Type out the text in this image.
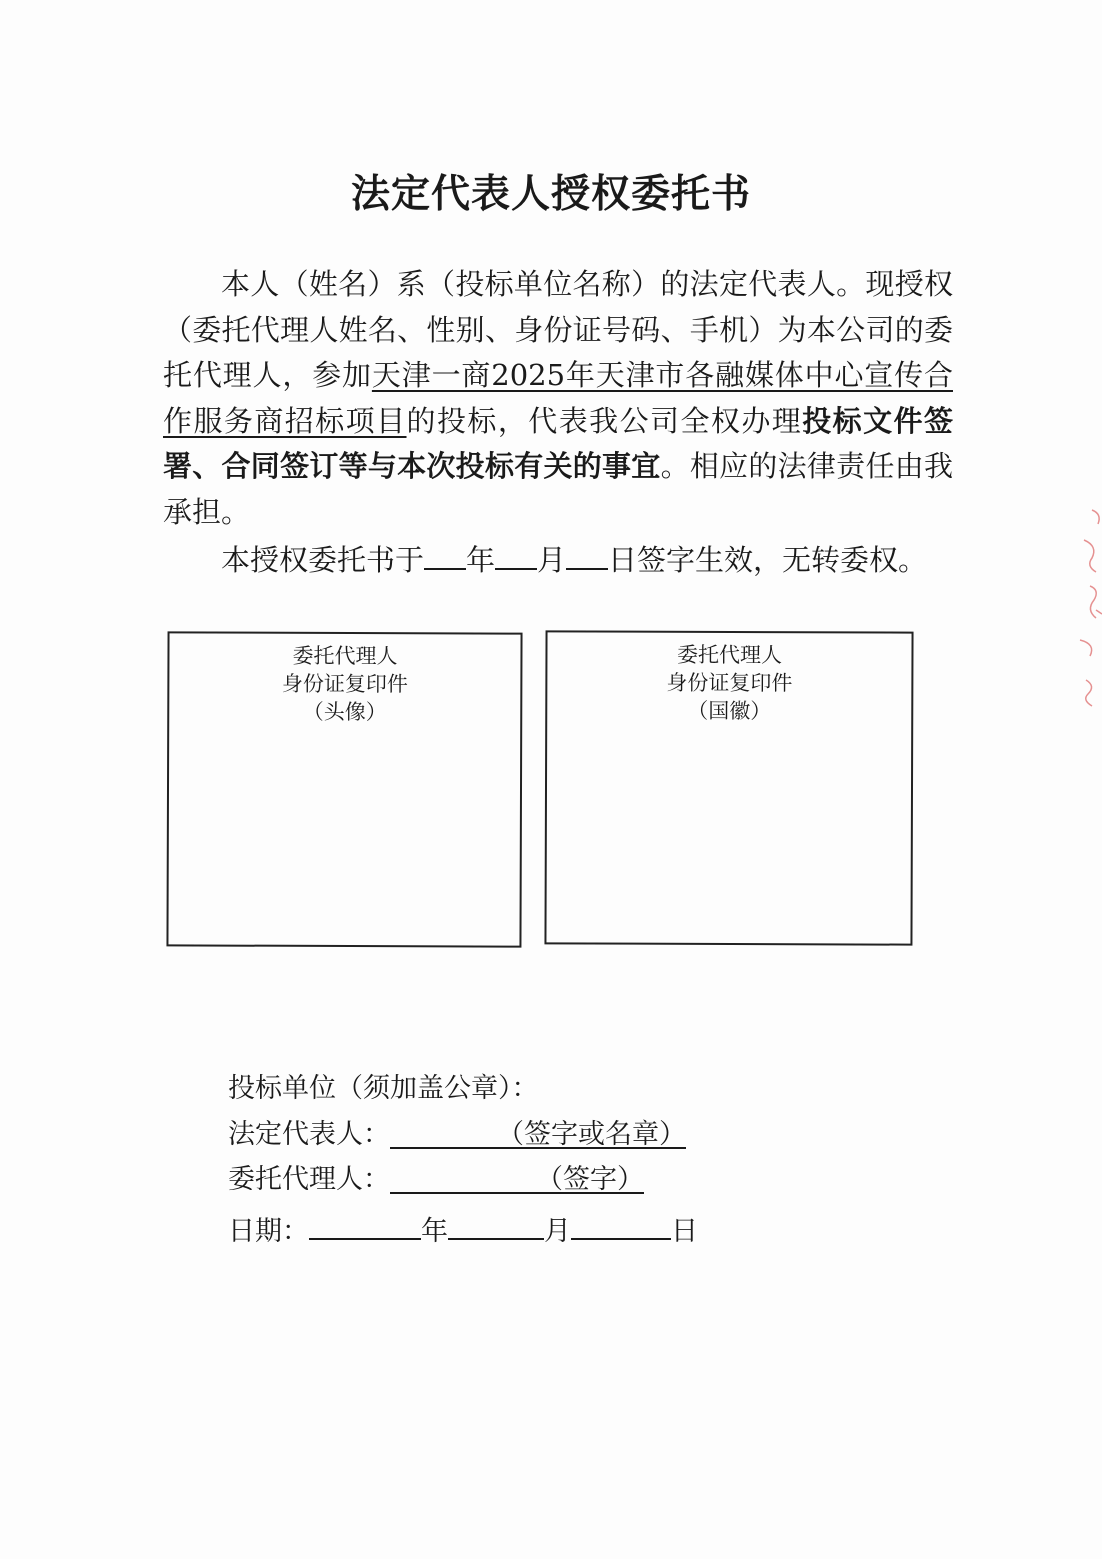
法定代表人授权委托书

本人（姓名）系（投标单位名称）的法定代表人。现授权（委托代理人姓名、性别、身份证号码、手机）为本公司的委托代理人，参加天津一商2025年天津市各融媒体中心宣传合作服务商招标项目的投标，代表我公司全权办理投标文件签署、合同签订等与本次投标有关的事宜。相应的法律责任由我承担。

本授权委托书于 年 月 日签字生效，无转委权。

委托代理人
身份证复印件
（头像）
委托代理人
身份证复印件
（国徽）
投标单位（须加盖公章）：
法定代表人：	（签字或名章）
委托代理人：	（签字）
日期：	年	月	日
